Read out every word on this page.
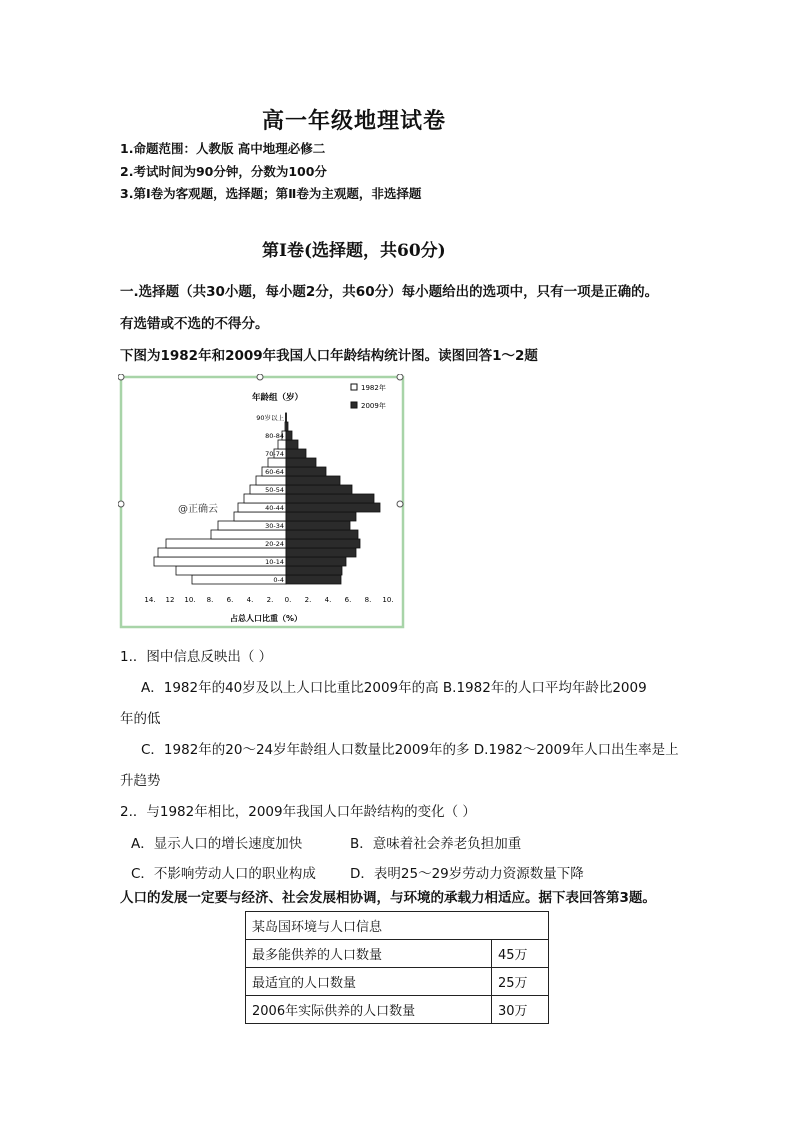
高一年级地理试卷
1.命题范围：人教版 高中地理必修二
2.考试时间为90分钟，分数为100分
3.第Ⅰ卷为客观题，选择题；第Ⅱ卷为主观题，非选择题
第Ⅰ卷(选择题，共60分)
一.选择题（共30小题，每小题2分，共60分）每小题给出的选项中，只有一项是正确的。
有选错或不选的不得分。
下图为1982年和2009年我国人口年龄结构统计图。读图回答1～2题
年龄组（岁）
1982年
2009年
0-4
10-14
20-24
30-34
40-44
50-54
60-64
70-74
80-84
90岁以上
14. 12 10. 8. 6. 4. 2. 0. 2. 4. 6. 8. 10.
占总人口比重（%）
@正确云
1.．图中信息反映出（ ）
A．1982年的40岁及以上人口比重比2009年的高 B.1982年的人口平均年龄比2009
年的低
C．1982年的20～24岁年龄组人口数量比2009年的多 D.1982～2009年人口出生率是上
升趋势
2.．与1982年相比，2009年我国人口年龄结构的变化（ ）
A．显示人口的增长速度加快	B．意味着社会养老负担加重
C．不影响劳动人口的职业构成	D．表明25～29岁劳动力资源数量下降
人口的发展一定要与经济、社会发展相协调，与环境的承载力相适应。据下表回答第3题。
某岛国环境与人口信息	
最多能供养的人口数量	45万
最适宜的人口数量	25万
2006年实际供养的人口数量	30万
